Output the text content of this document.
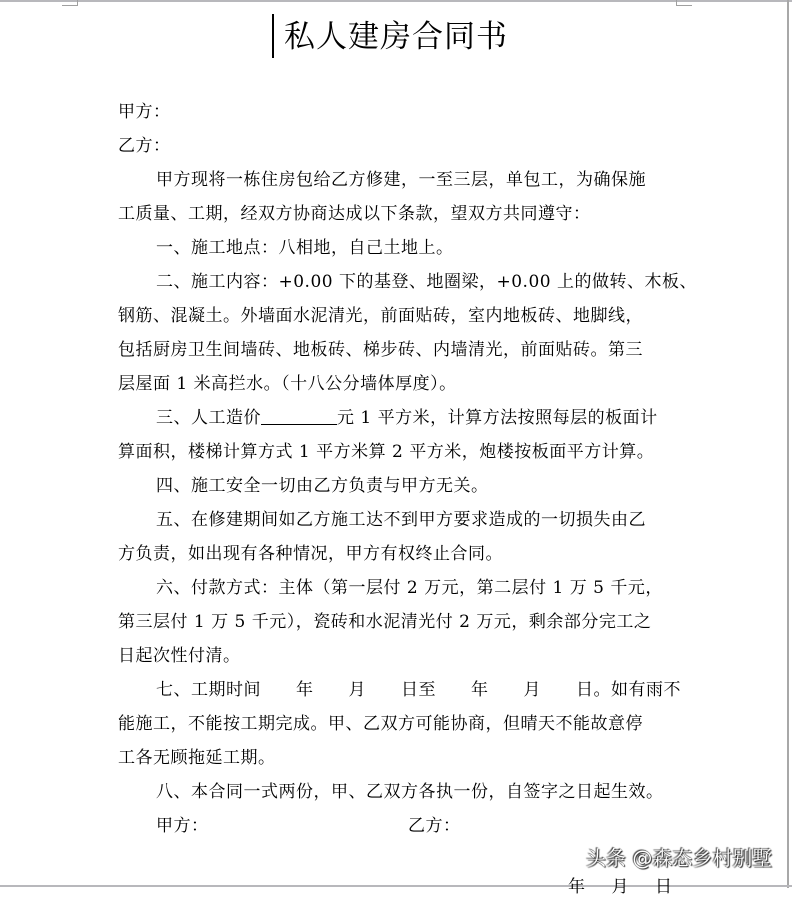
私人建房合同书
甲方：
乙方：
甲方现将一栋住房包给乙方修建，一至三层，单包工，为确保施
工质量、工期，经双方协商达成以下条款，望双方共同遵守：
一、施工地点：八相地，自己土地上。
二、施工内容：+0.00 下的基登、地圈梁，+0.00 上的做转、木板、
钢筋、混凝土。外墙面水泥清光，前面贴砖，室内地板砖、地脚线，
包括厨房卫生间墙砖、地板砖、梯步砖、内墙清光，前面贴砖。第三
层屋面 1 米高拦水。（十八公分墙体厚度）。
三、人工造价	元 1 平方米，计算方法按照每层的板面计
算面积，楼梯计算方式 1 平方米算 2 平方米，炮楼按板面平方计算。
四、施工安全一切由乙方负责与甲方无关。
五、在修建期间如乙方施工达不到甲方要求造成的一切损失由乙
方负责，如出现有各种情况，甲方有权终止合同。
六、付款方式：主体（第一层付 2 万元，第二层付 1 万 5 千元，
第三层付 1 万 5 千元），瓷砖和水泥清光付 2 万元，剩余部分完工之
日起次性付清。
七、工期时间　　年　　月　　日至　　年　　月　　日。如有雨不
能施工，不能按工期完成。甲、乙双方可能协商，但晴天不能故意停
工各无顾拖延工期。
八、本合同一式两份，甲、乙双方各执一份，自签字之日起生效。
甲方：	乙方：
年 月 日
头条 @森态乡村别墅
